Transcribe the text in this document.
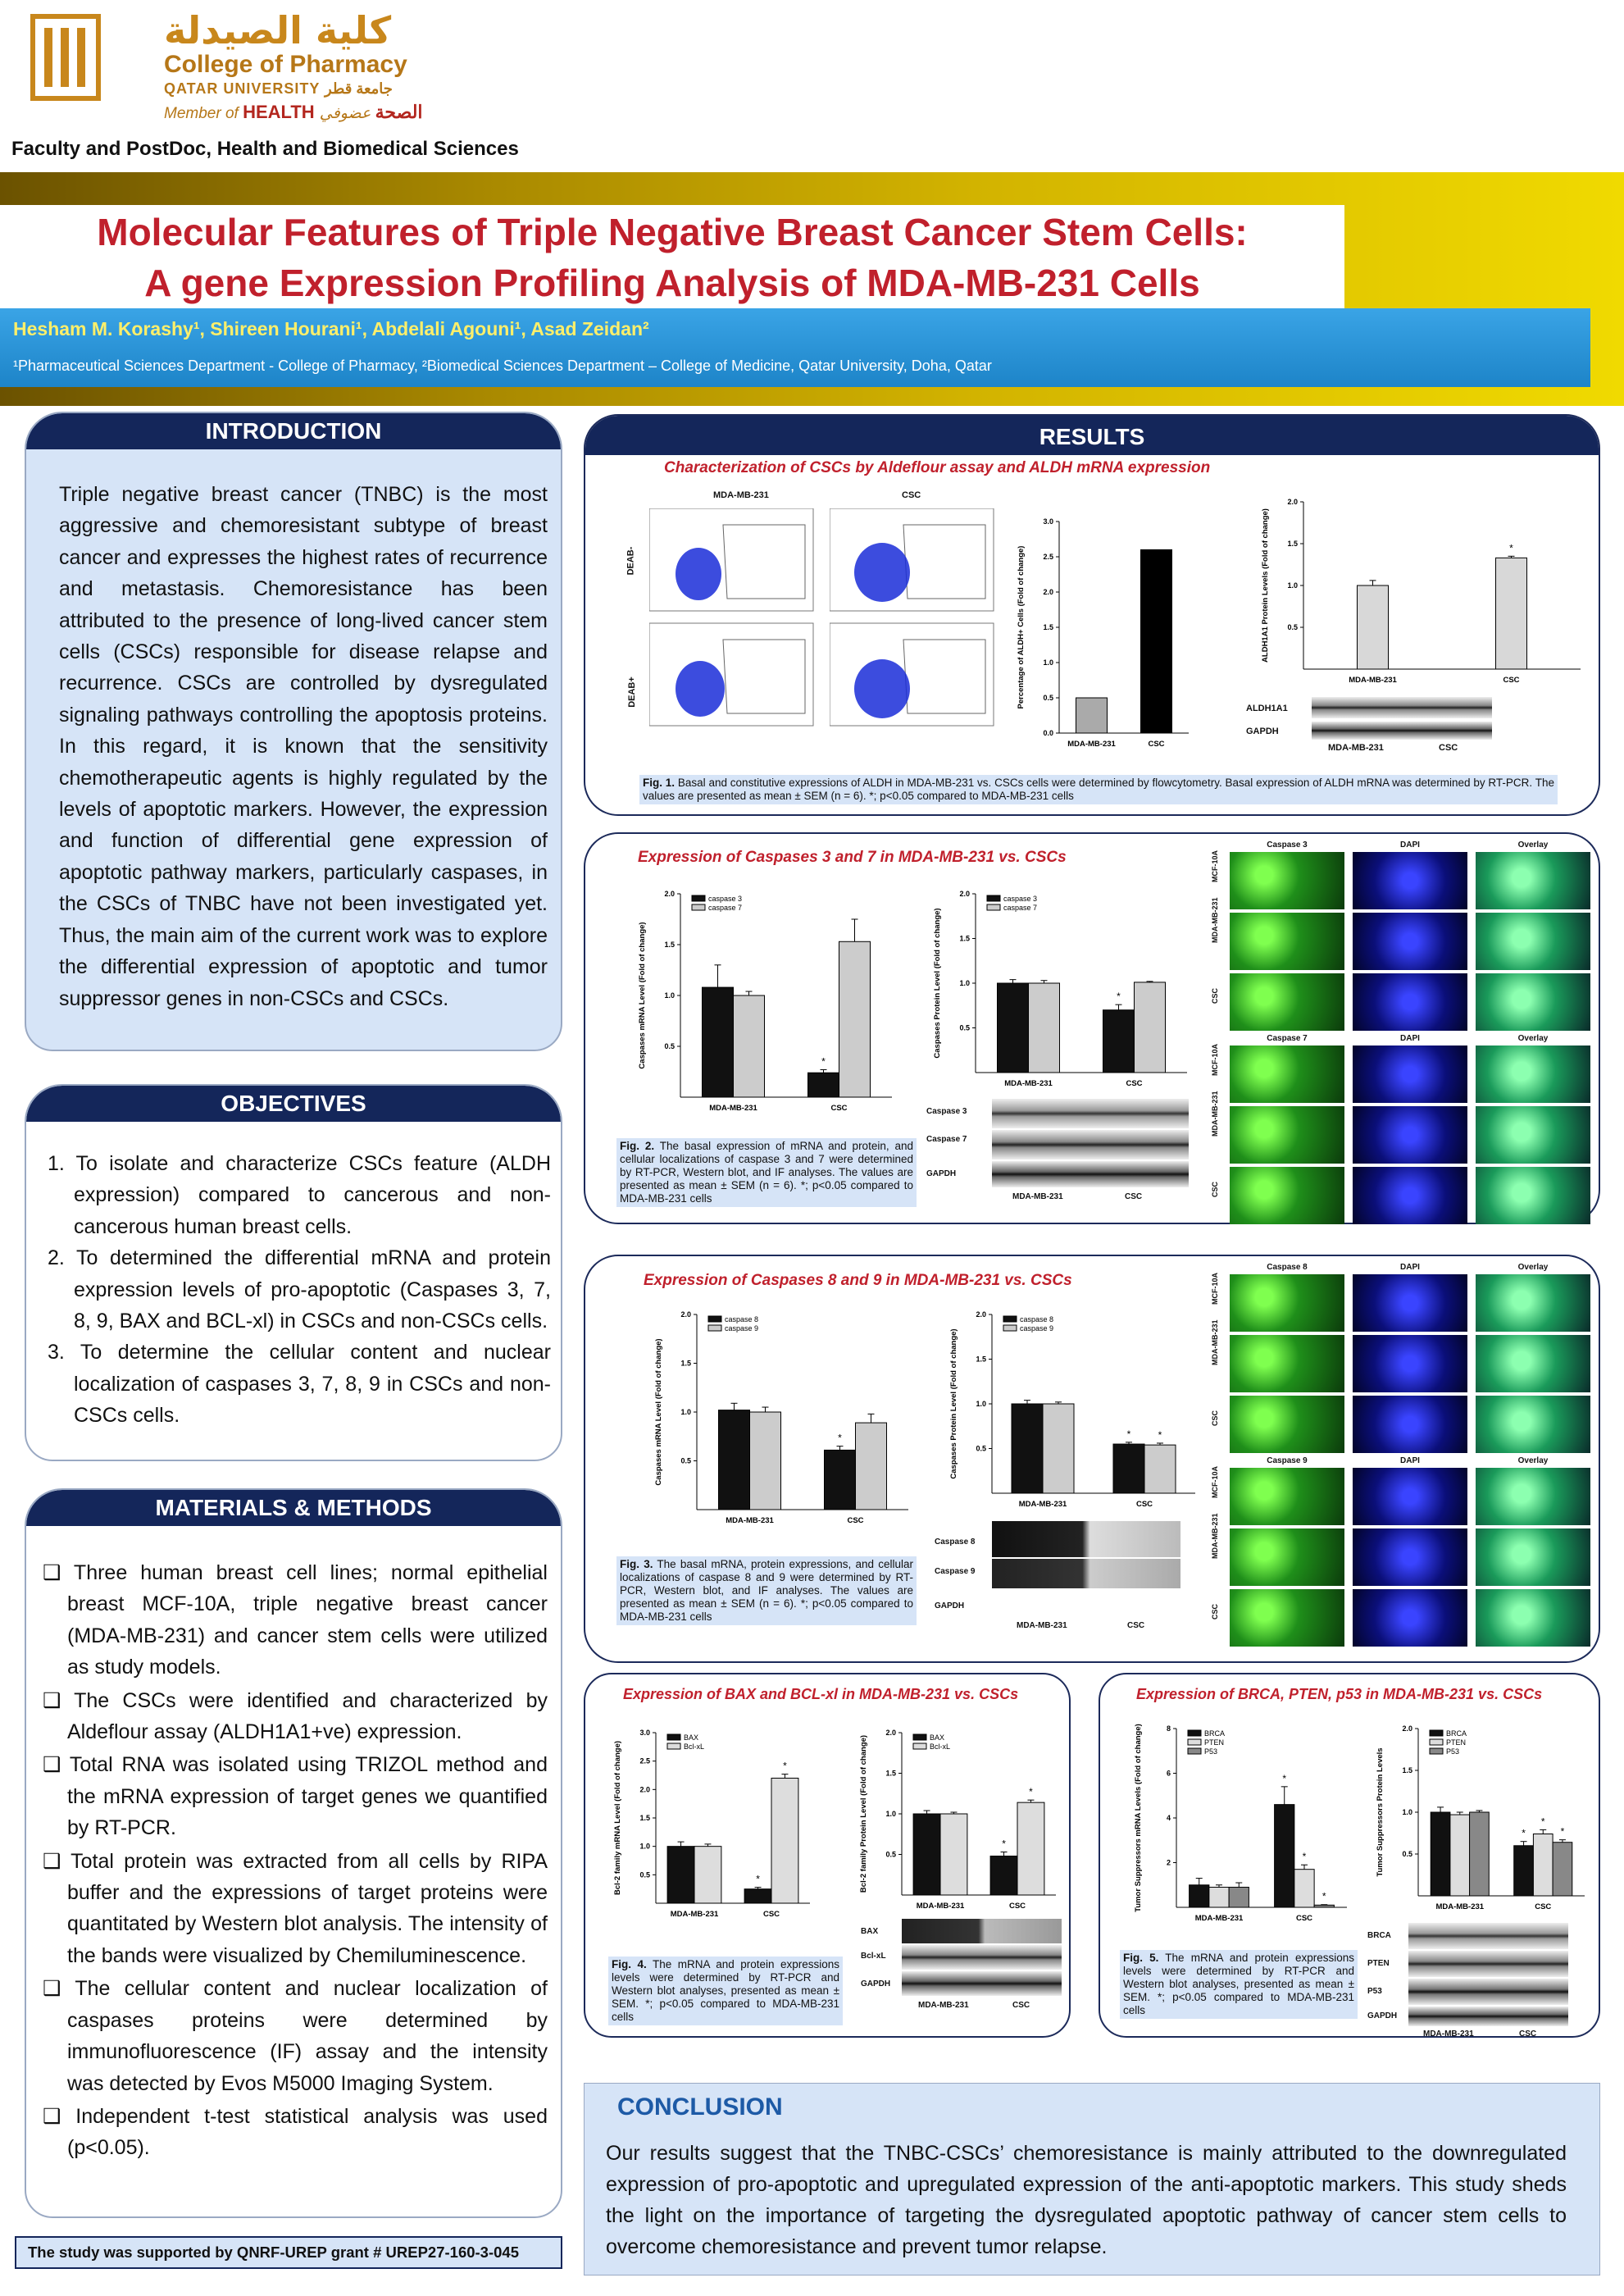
كلية الصيدلة
College of Pharmacy
QATAR UNIVERSITY جامعة قطر
Member of HEALTH الصحة عضوفي
Faculty and PostDoc, Health and Biomedical Sciences
Molecular Features of Triple Negative Breast Cancer Stem Cells:
A gene Expression Profiling Analysis of MDA-MB-231 Cells
Hesham M. Korashy¹, Shireen Hourani¹, Abdelali Agouni¹, Asad Zeidan²
¹Pharmaceutical Sciences Department - College of Pharmacy, ²Biomedical Sciences Department – College of Medicine, Qatar University, Doha, Qatar
INTRODUCTION
Triple negative breast cancer (TNBC) is the most aggressive and chemoresistant subtype of breast cancer and expresses the highest rates of recurrence and metastasis. Chemoresistance has been attributed to the presence of long-lived cancer stem cells (CSCs) responsible for disease relapse and recurrence. CSCs are controlled by dysregulated signaling pathways controlling the apoptosis proteins. In this regard, it is known that the sensitivity chemotherapeutic agents is highly regulated by the levels of apoptotic markers. However, the expression and function of differential gene expression of apoptotic pathway markers, particularly caspases, in the CSCs of TNBC have not been investigated yet. Thus, the main aim of the current work was to explore the differential expression of apoptotic and tumor suppressor genes in non-CSCs and CSCs.
OBJECTIVES
1. To isolate and characterize CSCs feature (ALDH expression) compared to cancerous and non-cancerous human breast cells.
2. To determined the differential mRNA and protein expression levels of pro-apoptotic (Caspases 3, 7, 8, 9, BAX and BCL-xl) in CSCs and non-CSCs cells.
3. To determine the cellular content and nuclear localization of caspases 3, 7, 8, 9 in CSCs and non-CSCs cells.
MATERIALS & METHODS
❑ Three human breast cell lines; normal epithelial breast MCF-10A, triple negative breast cancer (MDA-MB-231) and cancer stem cells were utilized as study models.
❑ The CSCs were identified and characterized by Aldeflour assay (ALDH1A1+ve) expression.
❑ Total RNA was isolated using TRIZOL method and the mRNA expression of target genes we quantified by RT-PCR.
❑ Total protein was extracted from all cells by RIPA buffer and the expressions of target proteins were quantitated by Western blot analysis. The intensity of the bands were visualized by Chemiluminescence.
❑ The cellular content and nuclear localization of caspases proteins were determined by immunofluorescence (IF) assay and the intensity was detected by Evos M5000 Imaging System.
❑ Independent t-test statistical analysis was used (p<0.05).
The study was supported by QNRF-UREP grant # UREP27-160-3-045
RESULTS
Characterization of CSCs by Aldeflour assay and ALDH mRNA expression
MDA-MB-231	CSC
DEAB-
DEAB+
0.0
0.5
1.0
1.5
2.0
2.5
3.0
Percentage of ALDH+ Cells (Fold of change)
MDA-MB-231	CSC
0.5
1.0
1.5
2.0
ALDH1A1 Protein Levels (Fold of change)
MDA-MB-231	CSC
*
ALDH1A1
GAPDH
MDA-MB-231	CSC
Fig. 1. Basal and constitutive expressions of ALDH in MDA-MB-231 vs. CSCs cells were determined by flowcytometry. Basal expression of ALDH mRNA was determined by RT-PCR. The values are presented as mean ± SEM (n = 6). *; p<0.05 compared to MDA-MB-231 cells
Expression of Caspases 3 and 7 in MDA-MB-231 vs. CSCs
0.5
1.0
1.5
2.0
Caspases mRNA Level (Fold of change)
MDA-MB-231	CSC
*
caspase 3
caspase 7
0.5
1.0
1.5
2.0
Caspases Protein Level (Fold of change)
MDA-MB-231	CSC
*
caspase 3
caspase 7
Caspase 3
Caspase 7
GAPDH
MDA-MB-231	CSC
Fig. 2. The basal expression of mRNA and protein, and cellular localizations of caspase 3 and 7 were determined by RT-PCR, Western blot, and IF analyses. The values are presented as mean ± SEM (n = 6). *; p<0.05 compared to MDA-MB-231 cells
Caspase 3	DAPI	Overlay
MCF-10A
MDA-MB-231
CSC
Caspase 7	DAPI	Overlay
MCF-10A
MDA-MB-231
CSC
Expression of Caspases 8 and 9 in MDA-MB-231 vs. CSCs
0.5
1.0
1.5
2.0
Caspases mRNA Level (Fold of change)
MDA-MB-231	CSC
*
caspase 8
caspase 9
0.5
1.0
1.5
2.0
Caspases Protein Level (Fold of change)
MDA-MB-231	CSC
*	*
caspase 8
caspase 9
Caspase 8
Caspase 9
GAPDH
MDA-MB-231	CSC
Fig. 3. The basal mRNA, protein expressions, and cellular localizations of caspase 8 and 9 were determined by RT-PCR, Western blot, and IF analyses. The values are presented as mean ± SEM (n = 6). *; p<0.05 compared to MDA-MB-231 cells
Caspase 8	DAPI	Overlay
MCF-10A
MDA-MB-231
CSC
Caspase 9	DAPI	Overlay
MCF-10A
MDA-MB-231
CSC
Expression of BAX and BCL-xl in MDA-MB-231 vs. CSCs
0.5
1.0
1.5
2.0
2.5
3.0
Bcl-2 family mRNA Level (Fold of change)
MDA-MB-231	CSC
*
*
BAX
Bcl-xL
0.5
1.0
1.5
2.0
Bcl-2 family Protein Level (Fold of change)
MDA-MB-231	CSC
*
*
BAX
Bcl-xL
BAX
Bcl-xL
GAPDH
MDA-MB-231	CSC
Fig. 4. The mRNA and protein expressions levels were determined by RT-PCR and Western blot analyses, presented as mean ± SEM. *; p<0.05 compared to MDA-MB-231 cells
Expression of BRCA, PTEN, p53 in MDA-MB-231 vs. CSCs
2
4
6
8
Tumor Suppressors mRNA Levels (Fold of change)
MDA-MB-231	CSC
*
*
*
BRCA
PTEN
P53
0.5
1.0
1.5
2.0
Tumor Suppressors Protein Levels
MDA-MB-231	CSC
*
*
*
BRCA
PTEN
P53
BRCA
PTEN
P53
GAPDH
MDA-MB-231	CSC
Fig. 5. The mRNA and protein expressions levels were determined by RT-PCR and Western blot analyses, presented as mean ± SEM. *; p<0.05 compared to MDA-MB-231 cells
CONCLUSION
Our results suggest that the TNBC-CSCs’ chemoresistance is mainly attributed to the downregulated expression of pro-apoptotic and upregulated expression of the anti-apoptotic markers. This study sheds the light on the importance of targeting the dysregulated apoptotic pathway of cancer stem cells to overcome chemoresistance and prevent tumor relapse.
